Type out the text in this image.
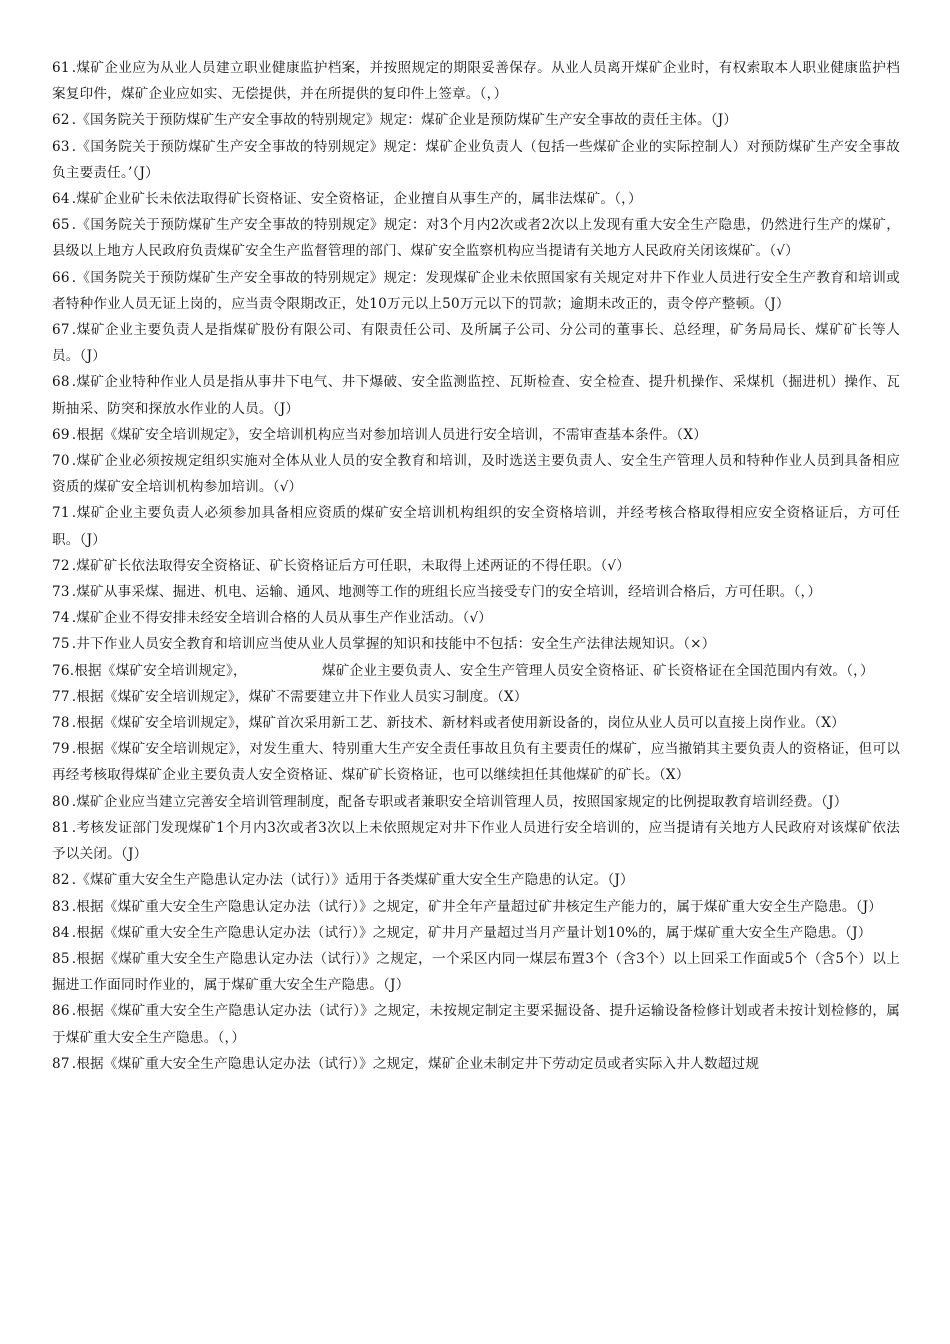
61 .煤矿企业应为从业人员建立职业健康监护档案，并按照规定的期限妥善保存。从业人员离开煤矿企业时，有权索取本人职业健康监护档案复印件，煤矿企业应如实、无偿提供，并在所提供的复印件上签章。（，）

62 .《国务院关于预防煤矿生产安全事故的特别规定》规定：煤矿企业是预防煤矿生产安全事故的责任主体。（J）

63 .《国务院关于预防煤矿生产安全事故的特别规定》规定：煤矿企业负责人（包括一些煤矿企业的实际控制人）对预防煤矿生产安全事故负主要责任。’（J）

64 .煤矿企业矿长未依法取得矿长资格证、安全资格证，企业擅自从事生产的，属非法煤矿。（，）

65 .《国务院关于预防煤矿生产安全事故的特别规定》规定：对3个月内2次或者2次以上发现有重大安全生产隐患，仍然进行生产的煤矿，县级以上地方人民政府负责煤矿安全生产监督管理的部门、煤矿安全监察机构应当提请有关地方人民政府关闭该煤矿。（√）

66 .《国务院关于预防煤矿生产安全事故的特别规定》规定：发现煤矿企业未依照国家有关规定对井下作业人员进行安全生产教育和培训或者特种作业人员无证上岗的，应当责令限期改正，处10万元以上50万元以下的罚款；逾期未改正的，责令停产整顿。（J）

67 .煤矿企业主要负责人是指煤矿股份有限公司、有限责任公司、及所属子公司、分公司的董事长、总经理，矿务局局长、煤矿矿长等人员。（J）

68 .煤矿企业特种作业人员是指从事井下电气、井下爆破、安全监测监控、瓦斯检查、安全检查、提升机操作、采煤机（掘进机）操作、瓦斯抽采、防突和探放水作业的人员。（J）

69 .根据《煤矿安全培训规定》，安全培训机构应当对参加培训人员进行安全培训，不需审查基本条件。（X）

70 .煤矿企业必须按规定组织实施对全体从业人员的安全教育和培训，及时选送主要负责人、安全生产管理人员和特种作业人员到具备相应资质的煤矿安全培训机构参加培训。（√）

71 .煤矿企业主要负责人必须参加具备相应资质的煤矿安全培训机构组织的安全资格培训，并经考核合格取得相应安全资格证后，方可任职。（J）

72 .煤矿矿长依法取得安全资格证、矿长资格证后方可任职，未取得上述两证的不得任职。（√）

73 .煤矿从事采煤、掘进、机电、运输、通风、地测等工作的班组长应当接受专门的安全培训，经培训合格后，方可任职。（，）

74 .煤矿企业不得安排未经安全培训合格的人员从事生产作业活动。（√）

75 .井下作业人员安全教育和培训应当使从业人员掌握的知识和技能中不包括：安全生产法律法规知识。（×）

76.根据《煤矿安全培训规定》，	煤矿企业主要负责人、安全生产管理人员安全资格证、矿长资格证在全国范围内有效。（，）

77 .根据《煤矿安全培训规定》，煤矿不需要建立井下作业人员实习制度。（X）

78 .根据《煤矿安全培训规定》，煤矿首次采用新工艺、新技术、新材料或者使用新设备的，岗位从业人员可以直接上岗作业。（X）

79 .根据《煤矿安全培训规定》，对发生重大、特别重大生产安全责任事故且负有主要责任的煤矿，应当撤销其主要负责人的资格证，但可以再经考核取得煤矿企业主要负责人安全资格证、煤矿矿长资格证，也可以继续担任其他煤矿的矿长。（X）

80 .煤矿企业应当建立完善安全培训管理制度，配备专职或者兼职安全培训管理人员，按照国家规定的比例提取教育培训经费。（J）

81 .考核发证部门发现煤矿1个月内3次或者3次以上未依照规定对井下作业人员进行安全培训的，应当提请有关地方人民政府对该煤矿依法予以关闭。（J）

82 .《煤矿重大安全生产隐患认定办法（试行）》适用于各类煤矿重大安全生产隐患的认定。（J）

83 .根据《煤矿重大安全生产隐患认定办法（试行）》之规定，矿井全年产量超过矿井核定生产能力的，属于煤矿重大安全生产隐患。（J）

84 .根据《煤矿重大安全生产隐患认定办法（试行）》之规定，矿井月产量超过当月产量计划10%的，属于煤矿重大安全生产隐患。（J）

85 .根据《煤矿重大安全生产隐患认定办法（试行）》之规定，一个采区内同一煤层布置3个（含3个）以上回采工作面或5个（含5个）以上掘进工作面同时作业的，属于煤矿重大安全生产隐患。（J）

86 .根据《煤矿重大安全生产隐患认定办法（试行）》之规定，未按规定制定主要采掘设备、提升运输设备检修计划或者未按计划检修的，属于煤矿重大安全生产隐患。（，）

87 .根据《煤矿重大安全生产隐患认定办法（试行）》之规定，煤矿企业未制定井下劳动定员或者实际入井人数超过规
